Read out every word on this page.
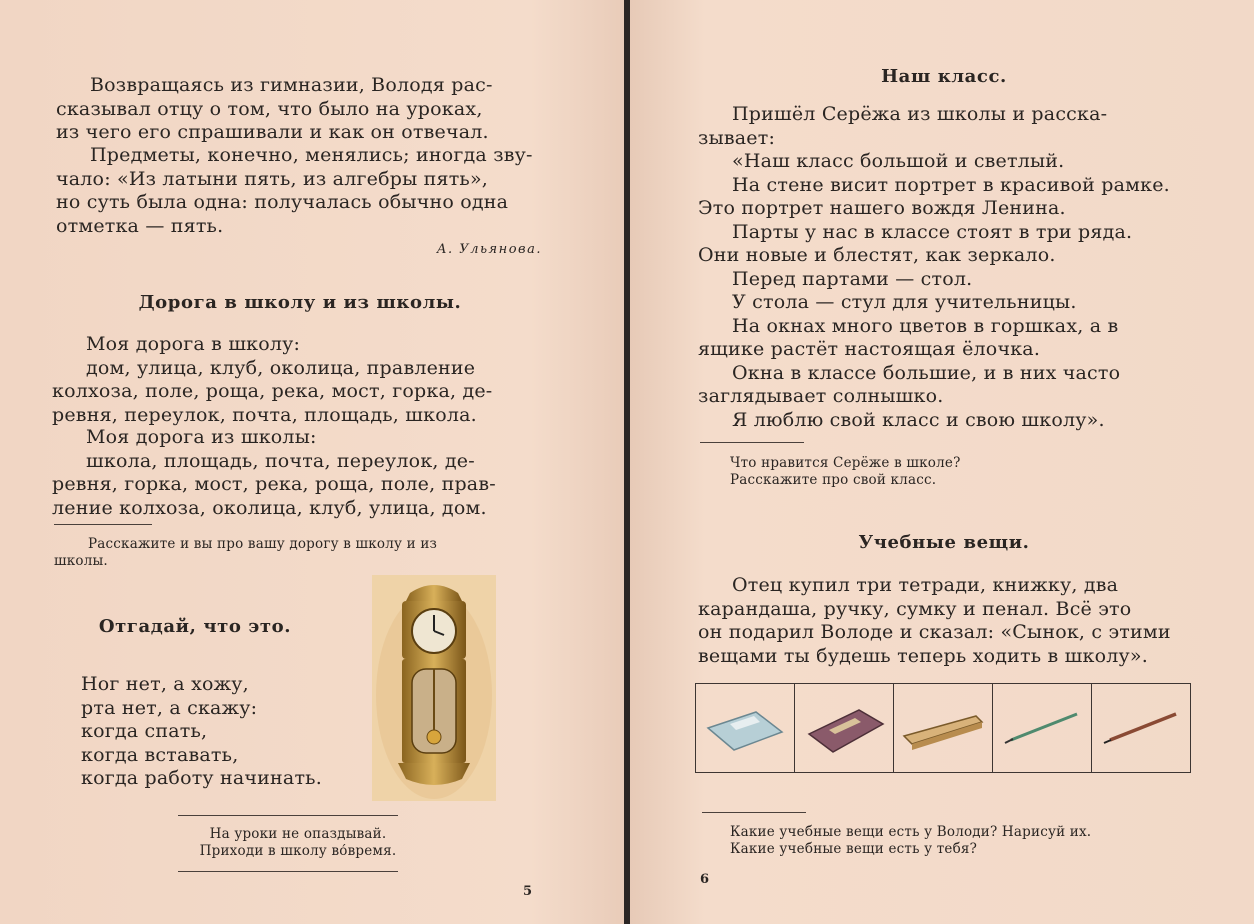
Возвращаясь из гимназии, Володя рас-

сказывал отцу о том, что было на уроках,

из чего его спрашивали и как он отвечал.

Предметы, конечно, менялись; иногда зву-

чало: «Из латыни пять, из алгебры пять»,

но суть была одна: получалась обычно одна

отметка — пять.

А. Ульянова.
Дорога в школу и из школы.

Моя дорога в школу:

дом, улица, клуб, околица, правление

колхоза, поле, роща, река, мост, горка, де-

ревня, переулок, почта, площадь, школа.

Моя дорога из школы:

школа, площадь, почта, переулок, де-

ревня, горка, мост, река, роща, поле, прав-

ление колхоза, околица, клуб, улица, дом.

Расскажите и вы про вашу дорогу в школу и из
школы.
Отгадай, что это.

Ног нет, а хожу,

рта нет, а скажу:

когда спать,

когда вставать,

когда работу начинать.

На уроки не опаздывай.
Приходи в школу во́время.
5
Наш класс.

Пришёл Серёжа из школы и расска-

зывает:

«Наш класс большой и светлый.

На стене висит портрет в красивой рамке.

Это портрет нашего вождя Ленина.

Парты у нас в классе стоят в три ряда.

Они новые и блестят, как зеркало.

Перед партами — стол.

У стола — стул для учительницы.

На окнах много цветов в горшках, а в

ящике растёт настоящая ёлочка.

Окна в классе большие, и в них часто

заглядывает солнышко.

Я люблю свой класс и свою школу».

Что нравится Серёже в школе?
Расскажите про свой класс.
Учебные вещи.

Отец купил три тетради, книжку, два

карандаша, ручку, сумку и пенал. Всё это

он подарил Володе и сказал: «Сынок, с этими

вещами ты будешь теперь ходить в школу».

Какие учебные вещи есть у Володи? Нарисуй их.
Какие учебные вещи есть у тебя?
6
